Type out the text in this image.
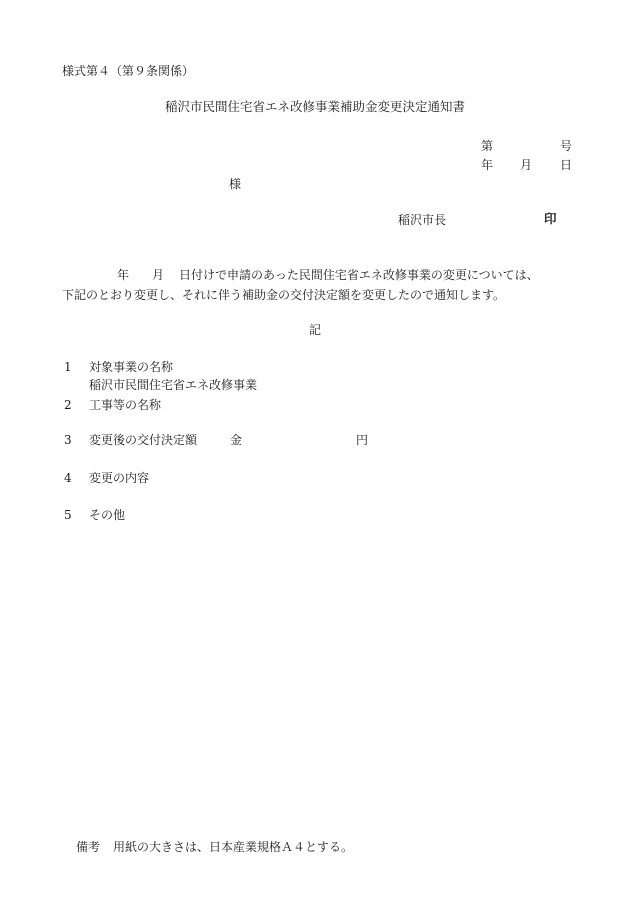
様式第４（第９条関係）
稲沢市民間住宅省エネ改修事業補助金変更決定通知書
第	号
年 月 日
様
稲沢市長	印
年 月 日付けで申請のあった民間住宅省エネ改修事業の変更については、
下記のとおり変更し、それに伴う補助金の交付決定額を変更したので通知します。
記
1 対象事業の名称
稲沢市民間住宅省エネ改修事業
2 工事等の名称
3 変更後の交付決定額	金	円
4 変更の内容
5 その他
備考 用紙の大きさは、日本産業規格Ａ４とする。
